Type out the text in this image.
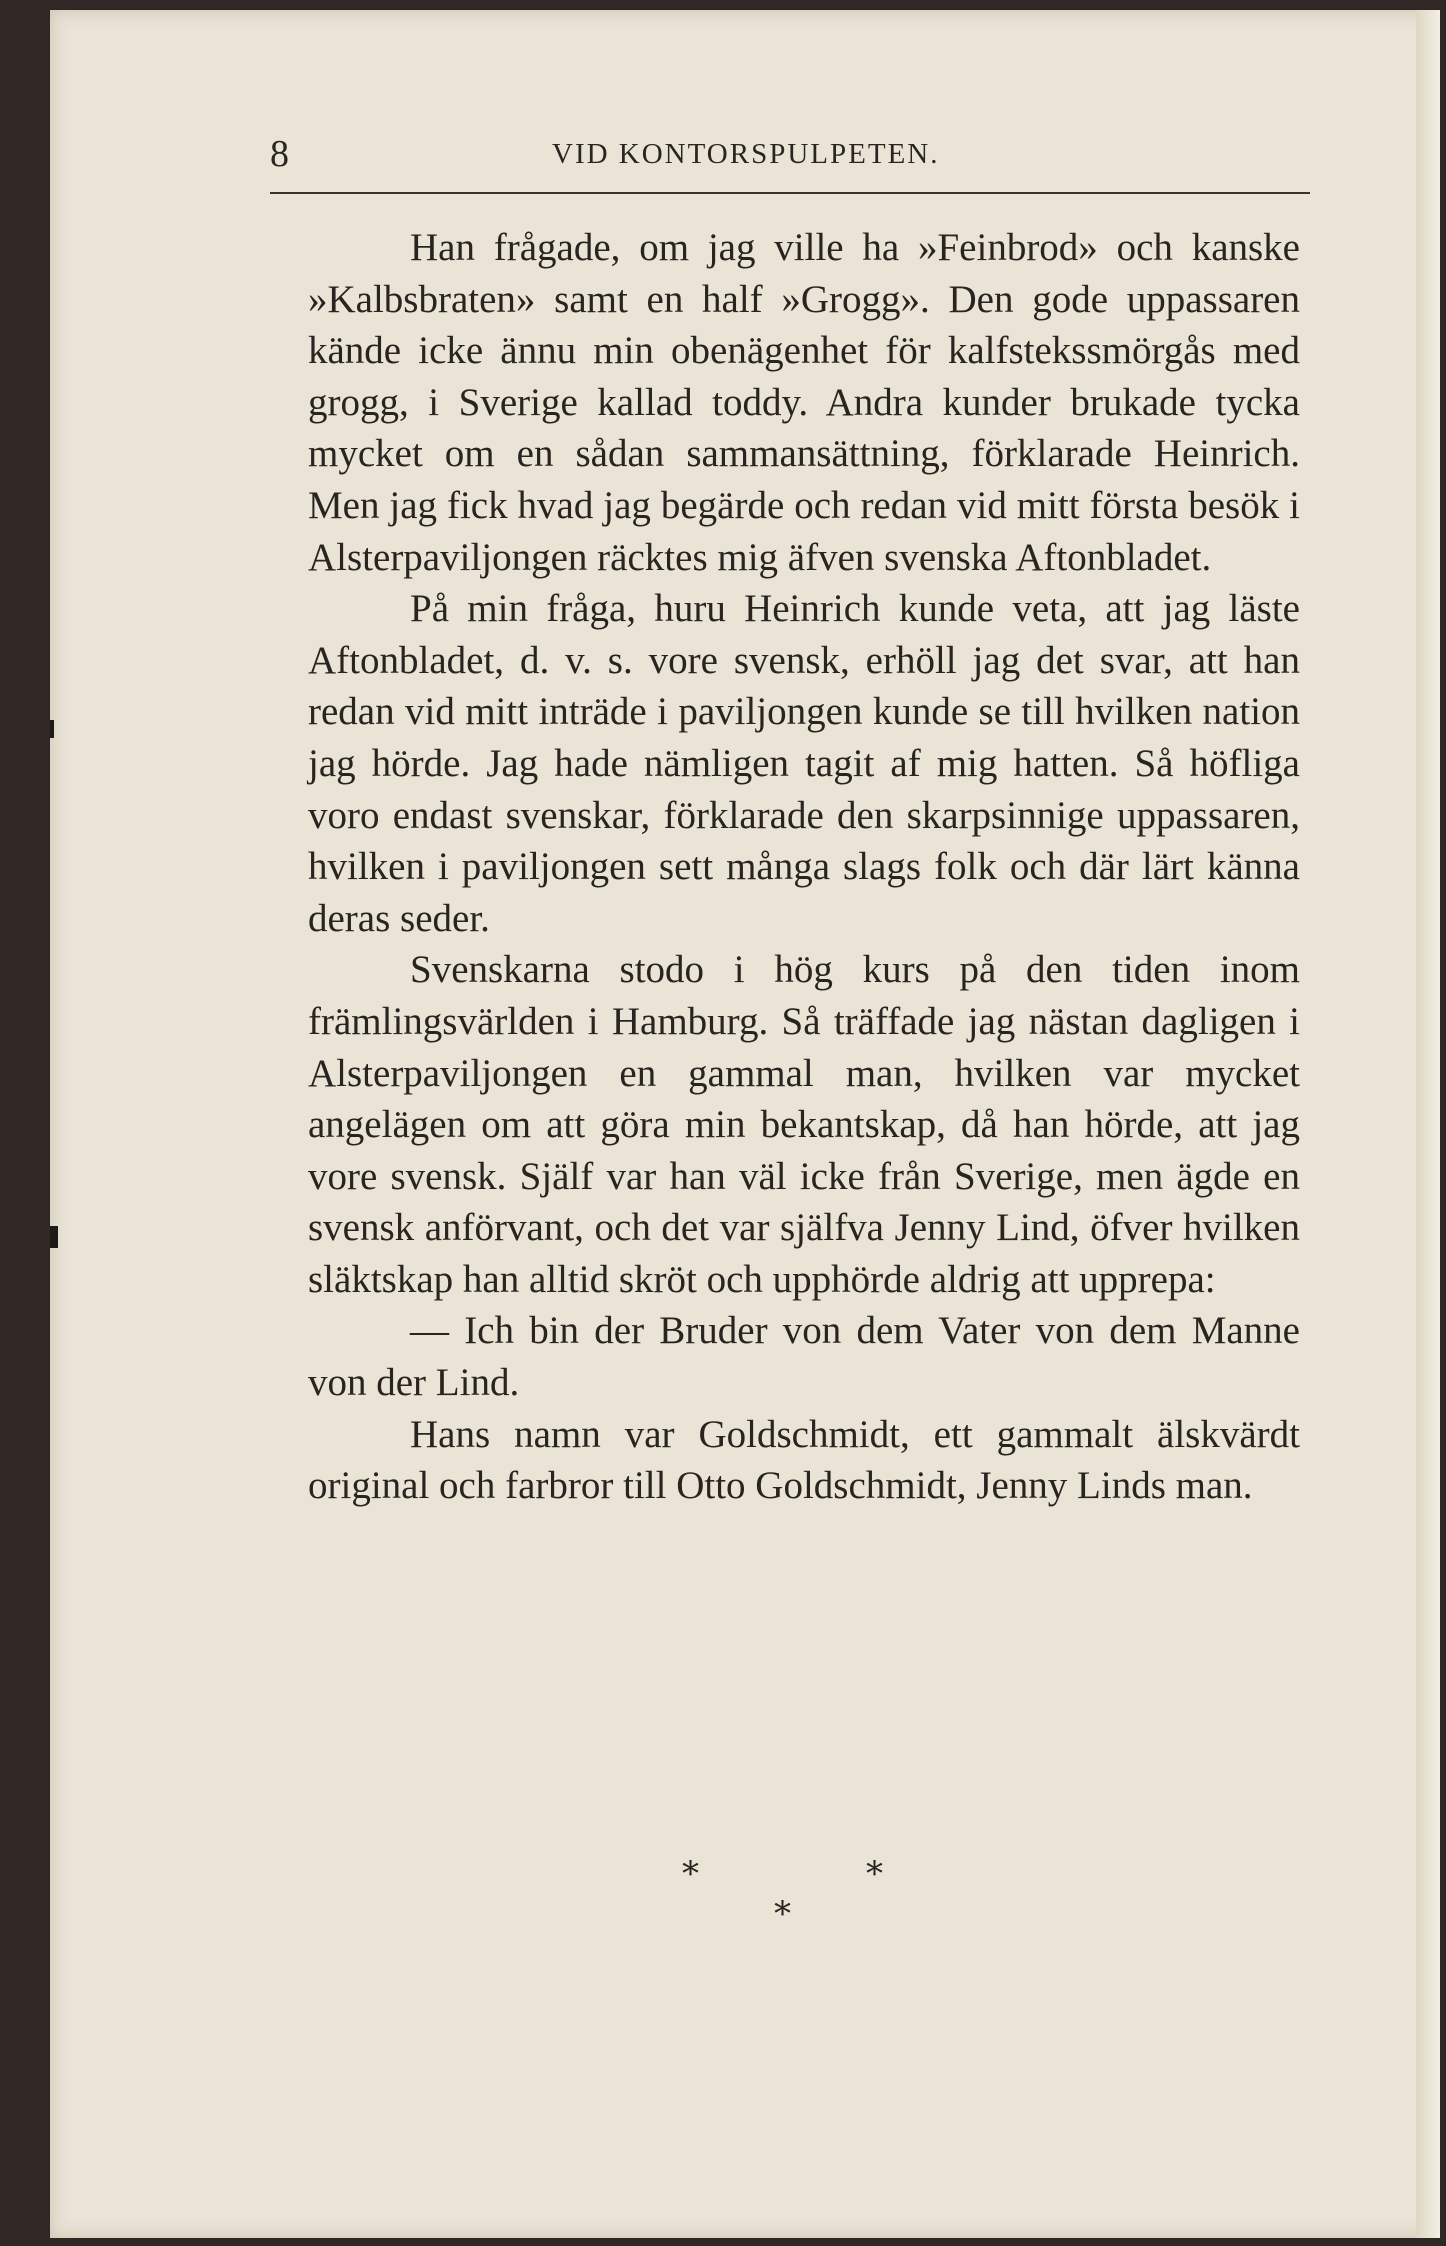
8	VID KONTORSPULPETEN.

Han frågade, om jag ville ha »Feinbrod» och kanske »Kalbsbraten» samt en half »Grogg». Den gode uppassaren kände icke ännu min obenägenhet för kalfstekssmörgås med grogg, i Sverige kallad toddy. Andra kunder brukade tycka mycket om en sådan sammansättning, förklarade Heinrich. Men jag fick hvad jag begärde och redan vid mitt första besök i Alsterpaviljongen räcktes mig äfven svenska Aftonbladet.

På min fråga, huru Heinrich kunde veta, att jag läste Aftonbladet, d. v. s. vore svensk, erhöll jag det svar, att han redan vid mitt inträde i paviljongen kunde se till hvilken nation jag hörde. Jag hade nämligen tagit af mig hatten. Så höfliga voro endast svenskar, förklarade den skarpsinnige uppassaren, hvilken i paviljongen sett många slags folk och där lärt känna deras seder.

Svenskarna stodo i hög kurs på den tiden inom främlingsvärlden i Hamburg. Så träffade jag nästan dagligen i Alsterpaviljongen en gammal man, hvilken var mycket angelägen om att göra min bekantskap, då han hörde, att jag vore svensk. Själf var han väl icke från Sverige, men ägde en svensk anförvant, och det var själfva Jenny Lind, öfver hvilken släktskap han alltid skröt och upphörde aldrig att upprepa:

— Ich bin der Bruder von dem Vater von dem Manne von der Lind.

Hans namn var Goldschmidt, ett gammalt älskvärdt original och farbror till Otto Goldschmidt, Jenny Linds man.

*	*
*
